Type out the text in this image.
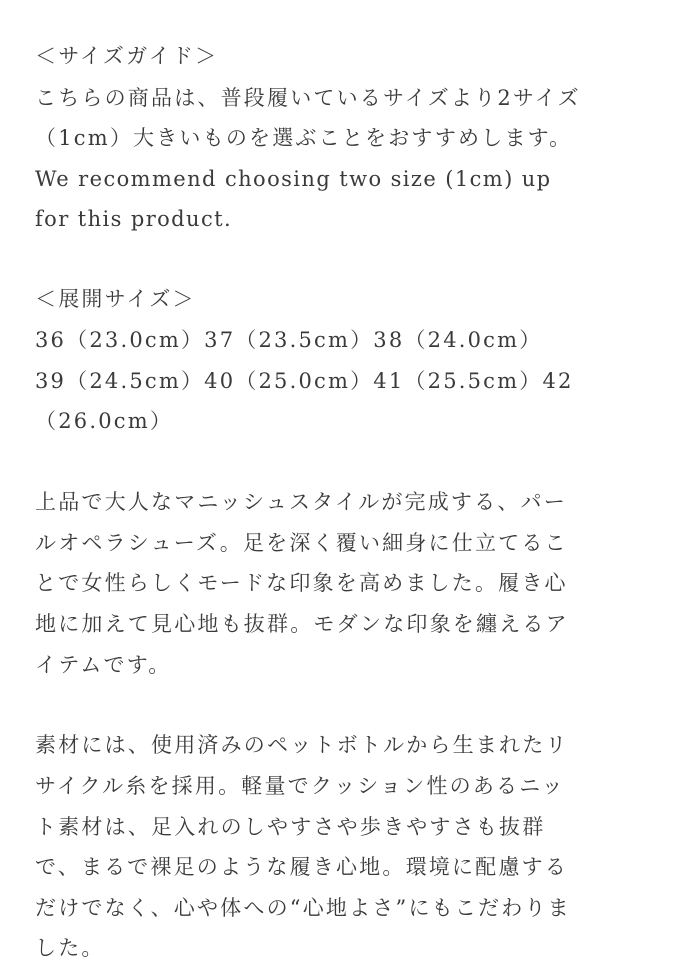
＜サイズガイド＞
こちらの商品は、普段履いているサイズより2サイズ
（1cm）大きいものを選ぶことをおすすめします。
We recommend choosing two size (1cm) up
for this product.
＜展開サイズ＞
36（23.0cm）37（23.5cm）38（24.0cm）
39（24.5cm）40（25.0cm）41（25.5cm）42
（26.0cm）
上品で大人なマニッシュスタイルが完成する、パー
ルオペラシューズ。足を深く覆い細身に仕立てるこ
とで女性らしくモードな印象を高めました。履き心
地に加えて見心地も抜群。モダンな印象を纏えるア
イテムです。
素材には、使用済みのペットボトルから生まれたリ
サイクル糸を採用。軽量でクッション性のあるニッ
ト素材は、足入れのしやすさや歩きやすさも抜群
で、まるで裸足のような履き心地。環境に配慮する
だけでなく、心や体への“心地よさ”にもこだわりま
した。
